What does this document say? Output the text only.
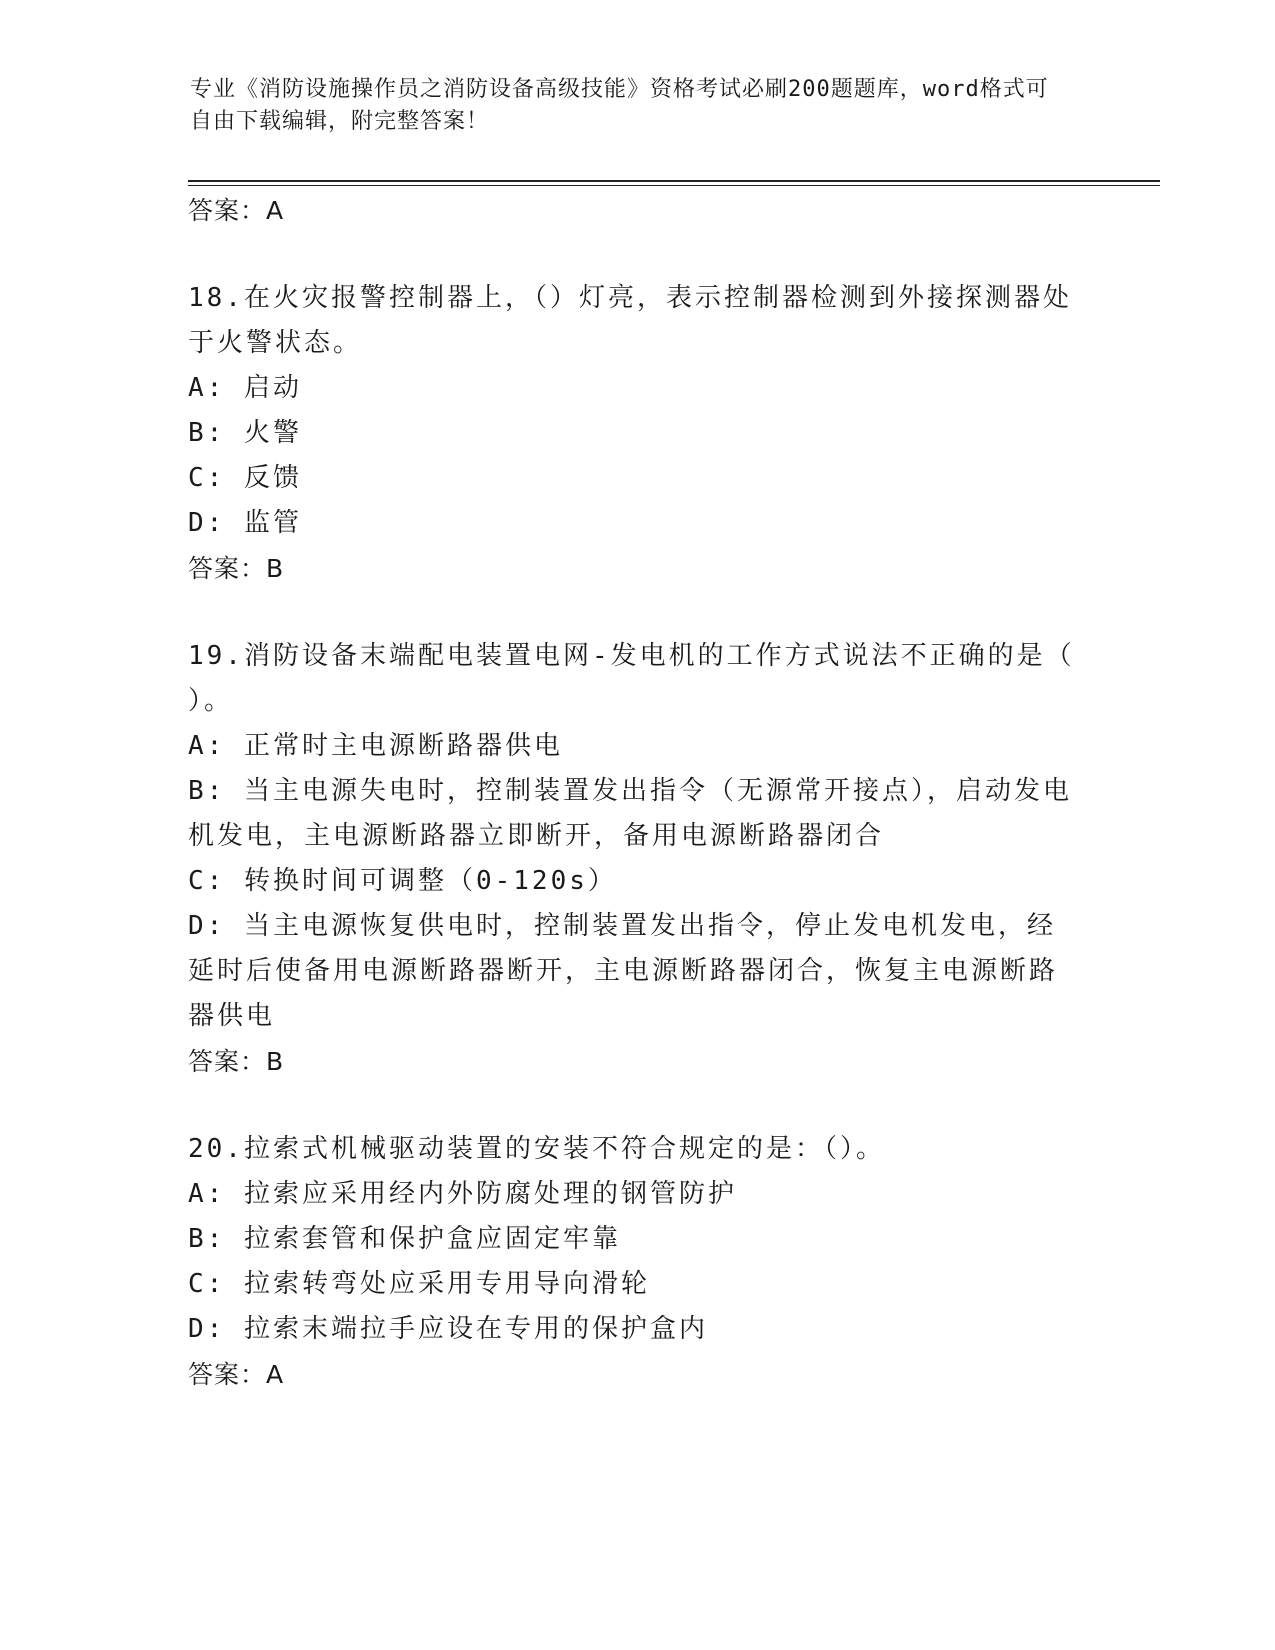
专业《消防设施操作员之消防设备高级技能》资格考试必刷200题题库，word格式可自由下载编辑，附完整答案！
答案：A
18.在火灾报警控制器上，（）灯亮，表示控制器检测到外接探测器处于火警状态。
A: 启动
B: 火警
C: 反馈
D: 监管
答案：B
19.消防设备末端配电装置电网-发电机的工作方式说法不正确的是（ ）。
A: 正常时主电源断路器供电
B: 当主电源失电时，控制装置发出指令（无源常开接点），启动发电机发电，主电源断路器立即断开，备用电源断路器闭合
C: 转换时间可调整（0-120s）
D: 当主电源恢复供电时，控制装置发出指令，停止发电机发电，经延时后使备用电源断路器断开，主电源断路器闭合，恢复主电源断路器供电
答案：B
20.拉索式机械驱动装置的安装不符合规定的是：（）。
A: 拉索应采用经内外防腐处理的钢管防护
B: 拉索套管和保护盒应固定牢靠
C: 拉索转弯处应采用专用导向滑轮
D: 拉索末端拉手应设在专用的保护盒内
答案：A
